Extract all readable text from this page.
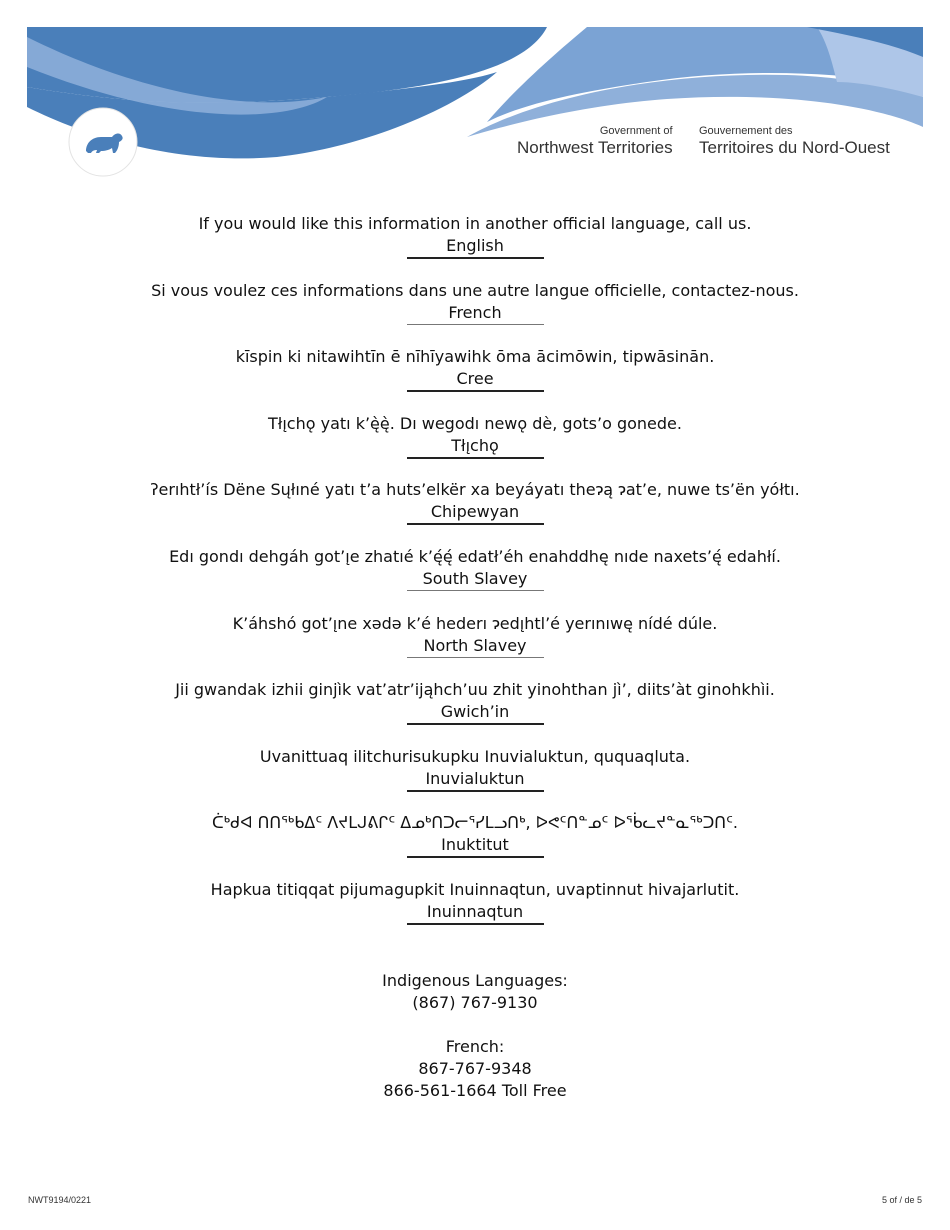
Government of
Northwest Territories
Gouvernement des
Territoires du Nord-Ouest
If you would like this information in another official language, call us.
English
Si vous voulez ces informations dans une autre langue officielle, contactez-nous.
French
kīspin ki nitawihtīn ē nīhīyawihk ōma ācimōwin, tipwāsinān.
Cree
Tłı̨chǫ yatı k’ę̀ę̀. Dı wegodı newǫ dè, gots’o gonede.
Tłı̨chǫ
ʔerıhtł’ís Dëne Sųłıné yatı t’a huts’elkër xa beyáyatı theɂą ɂat’e, nuwe ts’ën yółtı.
Chipewyan
Edı gondı dehgáh got’ı̨e zhatıé k’ę́ę́ edatł’éh enahddhę nıde naxets’ę́ edahłí.
South Slavey
K’áhshó got’ı̨ne xǝdǝ k’é hederı ɂedı̨htl’é yerınıwę nídé dúle.
North Slavey
Jii gwandak izhii ginjìk vat’atr’ijąhch’uu zhit yinohthan jì’, diits’àt ginohkhìi.
Gwich’in
Uvanittuaq ilitchurisukupku Inuvialuktun, ququaqluta.
Inuvialuktun
ᑖᒃᑯᐊ ᑎᑎᕐᒃᑲᐃᑦ ᐱᔪᒪᒍᕕᒋᑦ ᐃᓄᒃᑎᑐᓕᕐᓯᒪᓗᑎᒃ, ᐅᕙᑦᑎᓐᓄᑦ ᐅᖄᓚᔪᓐᓇᖅᑐᑎᑦ.
Inuktitut
Hapkua titiqqat pijumagupkit Inuinnaqtun, uvaptinnut hivajarlutit.
Inuinnaqtun
Indigenous Languages:
(867) 767-9130
French:
867-767-9348
866-561-1664 Toll Free
NWT9194/0221	5 of / de 5
